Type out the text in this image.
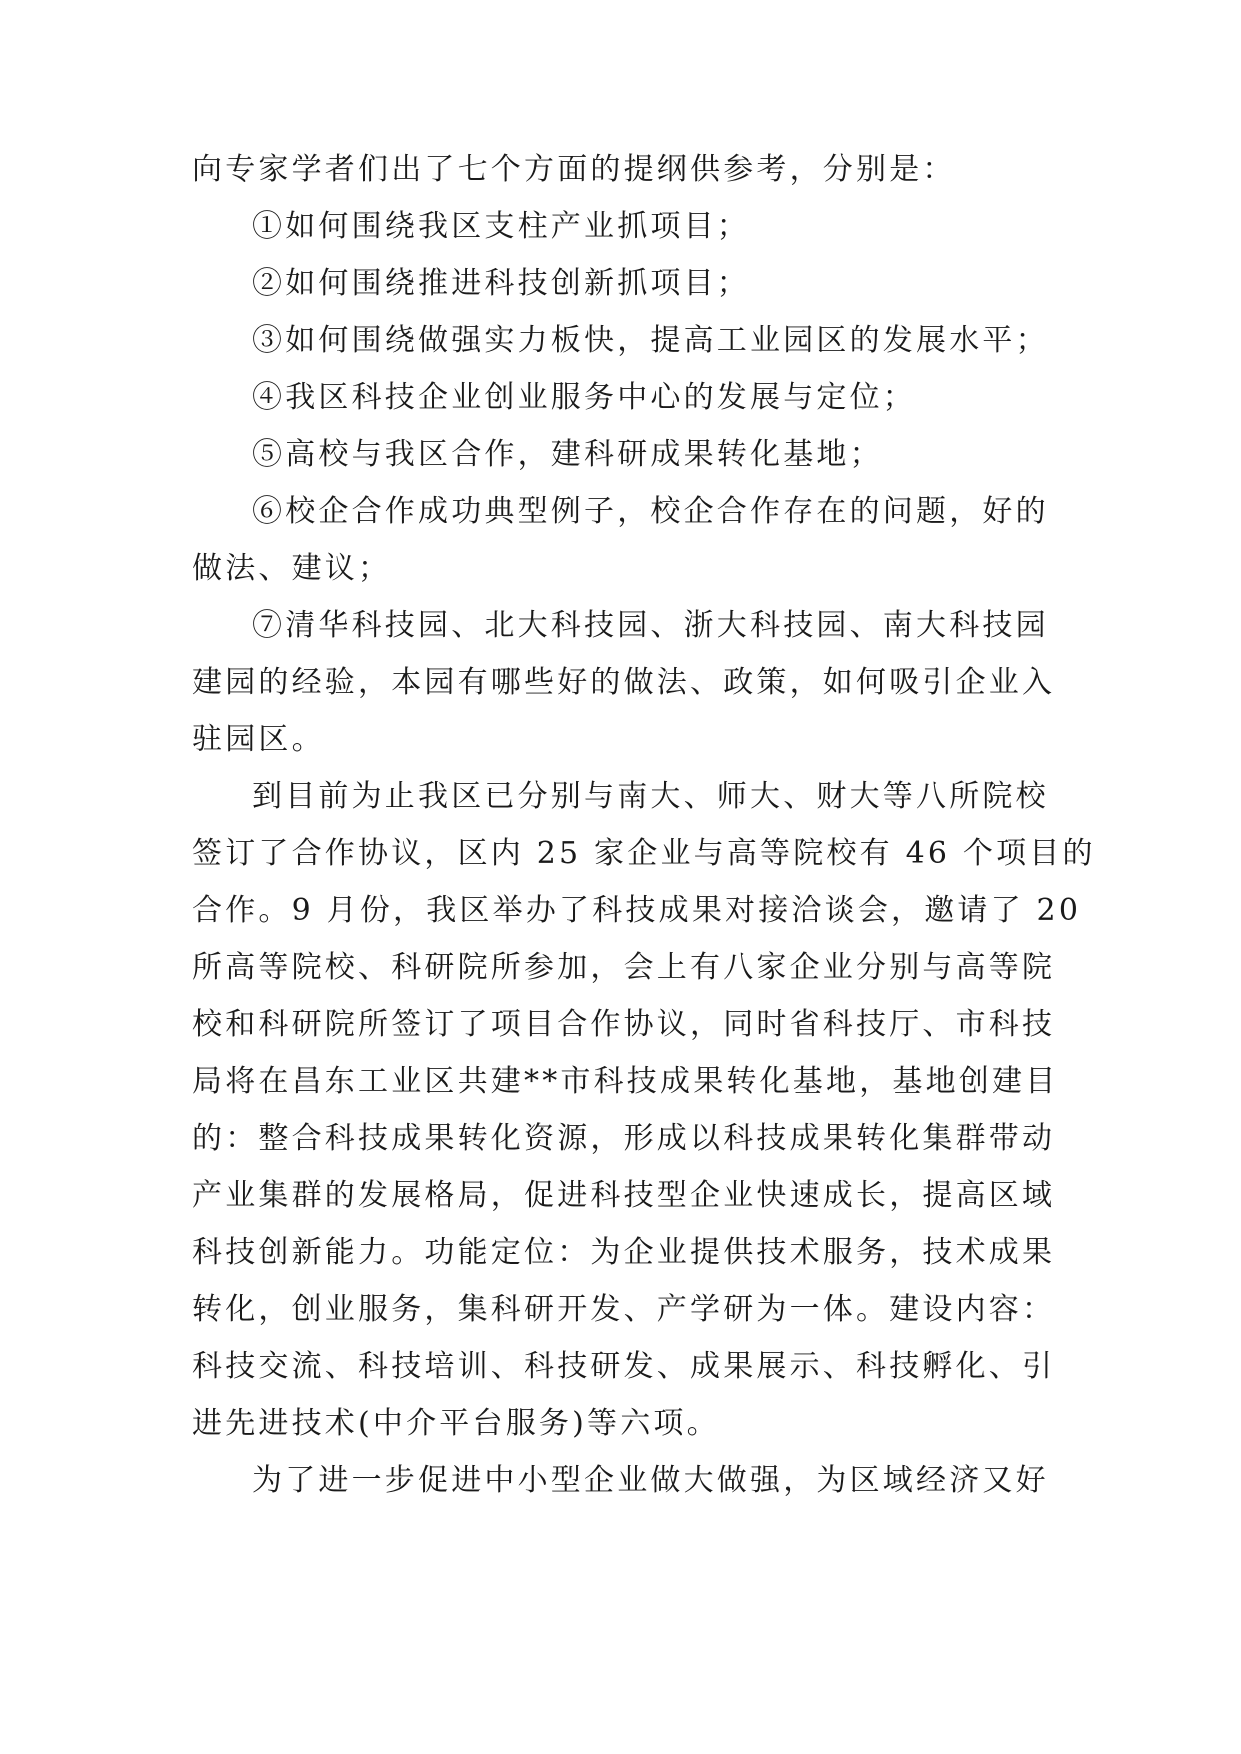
向专家学者们出了七个方面的提纲供参考，分别是：
①如何围绕我区支柱产业抓项目；
②如何围绕推进科技创新抓项目；
③如何围绕做强实力板快，提高工业园区的发展水平；
④我区科技企业创业服务中心的发展与定位；
⑤高校与我区合作，建科研成果转化基地；
⑥校企合作成功典型例子，校企合作存在的问题，好的
做法、建议；
⑦清华科技园、北大科技园、浙大科技园、南大科技园
建园的经验，本园有哪些好的做法、政策，如何吸引企业入
驻园区。
到目前为止我区已分别与南大、师大、财大等八所院校
签订了合作协议，区内 25 家企业与高等院校有 46 个项目的
合作。9 月份，我区举办了科技成果对接洽谈会，邀请了 20
所高等院校、科研院所参加，会上有八家企业分别与高等院
校和科研院所签订了项目合作协议，同时省科技厅、市科技
局将在昌东工业区共建**市科技成果转化基地，基地创建目
的：整合科技成果转化资源，形成以科技成果转化集群带动
产业集群的发展格局，促进科技型企业快速成长，提高区域
科技创新能力。功能定位：为企业提供技术服务，技术成果
转化，创业服务，集科研开发、产学研为一体。建设内容：
科技交流、科技培训、科技研发、成果展示、科技孵化、引
进先进技术(中介平台服务)等六项。
为了进一步促进中小型企业做大做强，为区域经济又好
